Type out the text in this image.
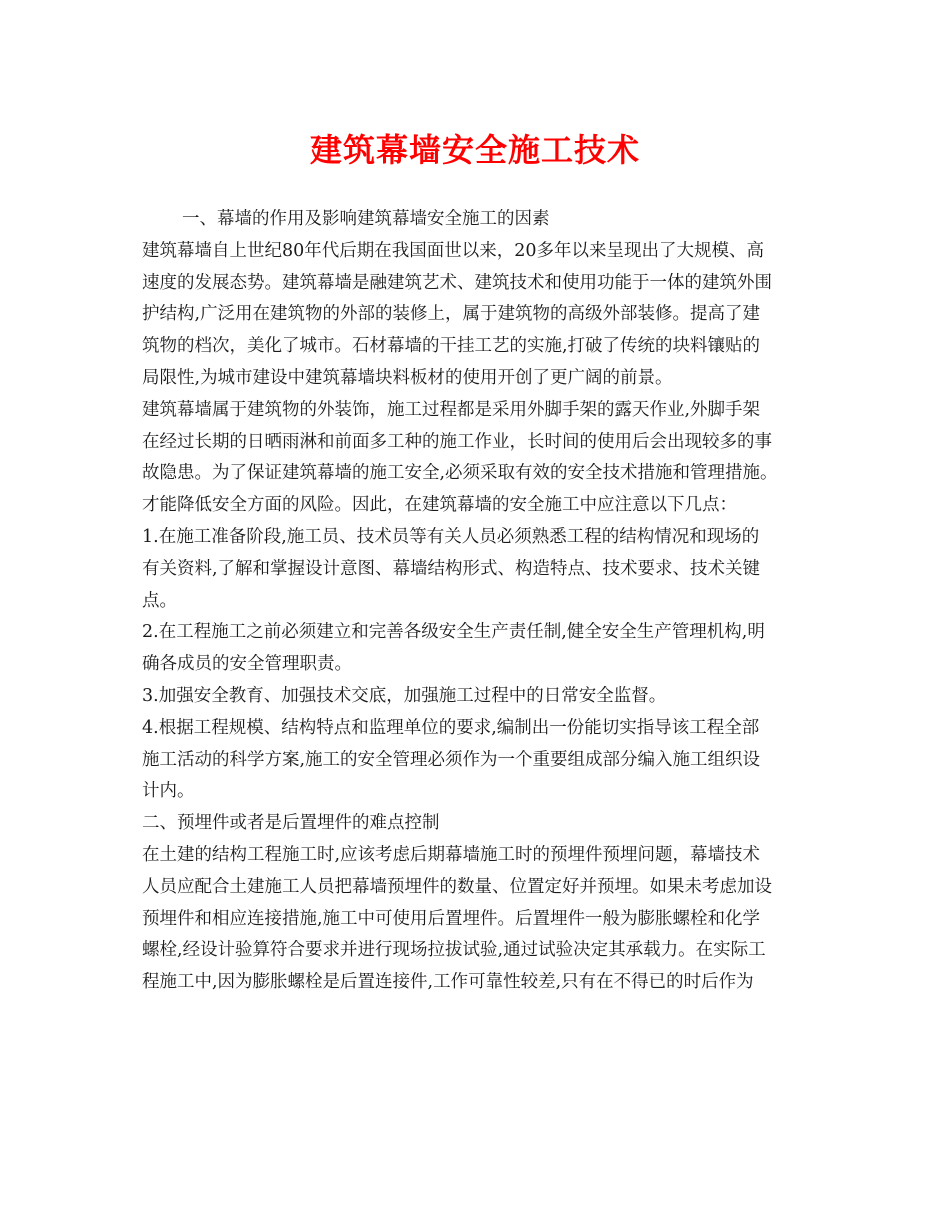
建筑幕墙安全施工技术
一、幕墙的作用及影响建筑幕墙安全施工的因素
建筑幕墙自上世纪80年代后期在我国面世以来，20多年以来呈现出了大规模、高
速度的发展态势。建筑幕墙是融建筑艺术、建筑技术和使用功能于一体的建筑外围
护结构,广泛用在建筑物的外部的装修上，属于建筑物的高级外部装修。提高了建
筑物的档次，美化了城市。石材幕墙的干挂工艺的实施,打破了传统的块料镶贴的
局限性,为城市建设中建筑幕墙块料板材的使用开创了更广阔的前景。
建筑幕墙属于建筑物的外装饰，施工过程都是采用外脚手架的露天作业,外脚手架
在经过长期的日晒雨淋和前面多工种的施工作业，长时间的使用后会出现较多的事
故隐患。为了保证建筑幕墙的施工安全,必须采取有效的安全技术措施和管理措施。
才能降低安全方面的风险。因此，在建筑幕墙的安全施工中应注意以下几点：
1.在施工准备阶段,施工员、技术员等有关人员必须熟悉工程的结构情况和现场的
有关资料,了解和掌握设计意图、幕墙结构形式、构造特点、技术要求、技术关键
点。
2.在工程施工之前必须建立和完善各级安全生产责任制,健全安全生产管理机构,明
确各成员的安全管理职责。
3.加强安全教育、加强技术交底，加强施工过程中的日常安全监督。
4.根据工程规模、结构特点和监理单位的要求,编制出一份能切实指导该工程全部
施工活动的科学方案,施工的安全管理必须作为一个重要组成部分编入施工组织设
计内。
二、预埋件或者是后置埋件的难点控制
在土建的结构工程施工时,应该考虑后期幕墙施工时的预埋件预埋问题，幕墙技术
人员应配合土建施工人员把幕墙预埋件的数量、位置定好并预埋。如果未考虑加设
预埋件和相应连接措施,施工中可使用后置埋件。后置埋件一般为膨胀螺栓和化学
螺栓,经设计验算符合要求并进行现场拉拔试验,通过试验决定其承载力。在实际工
程施工中,因为膨胀螺栓是后置连接件,工作可靠性较差,只有在不得已的时后作为
